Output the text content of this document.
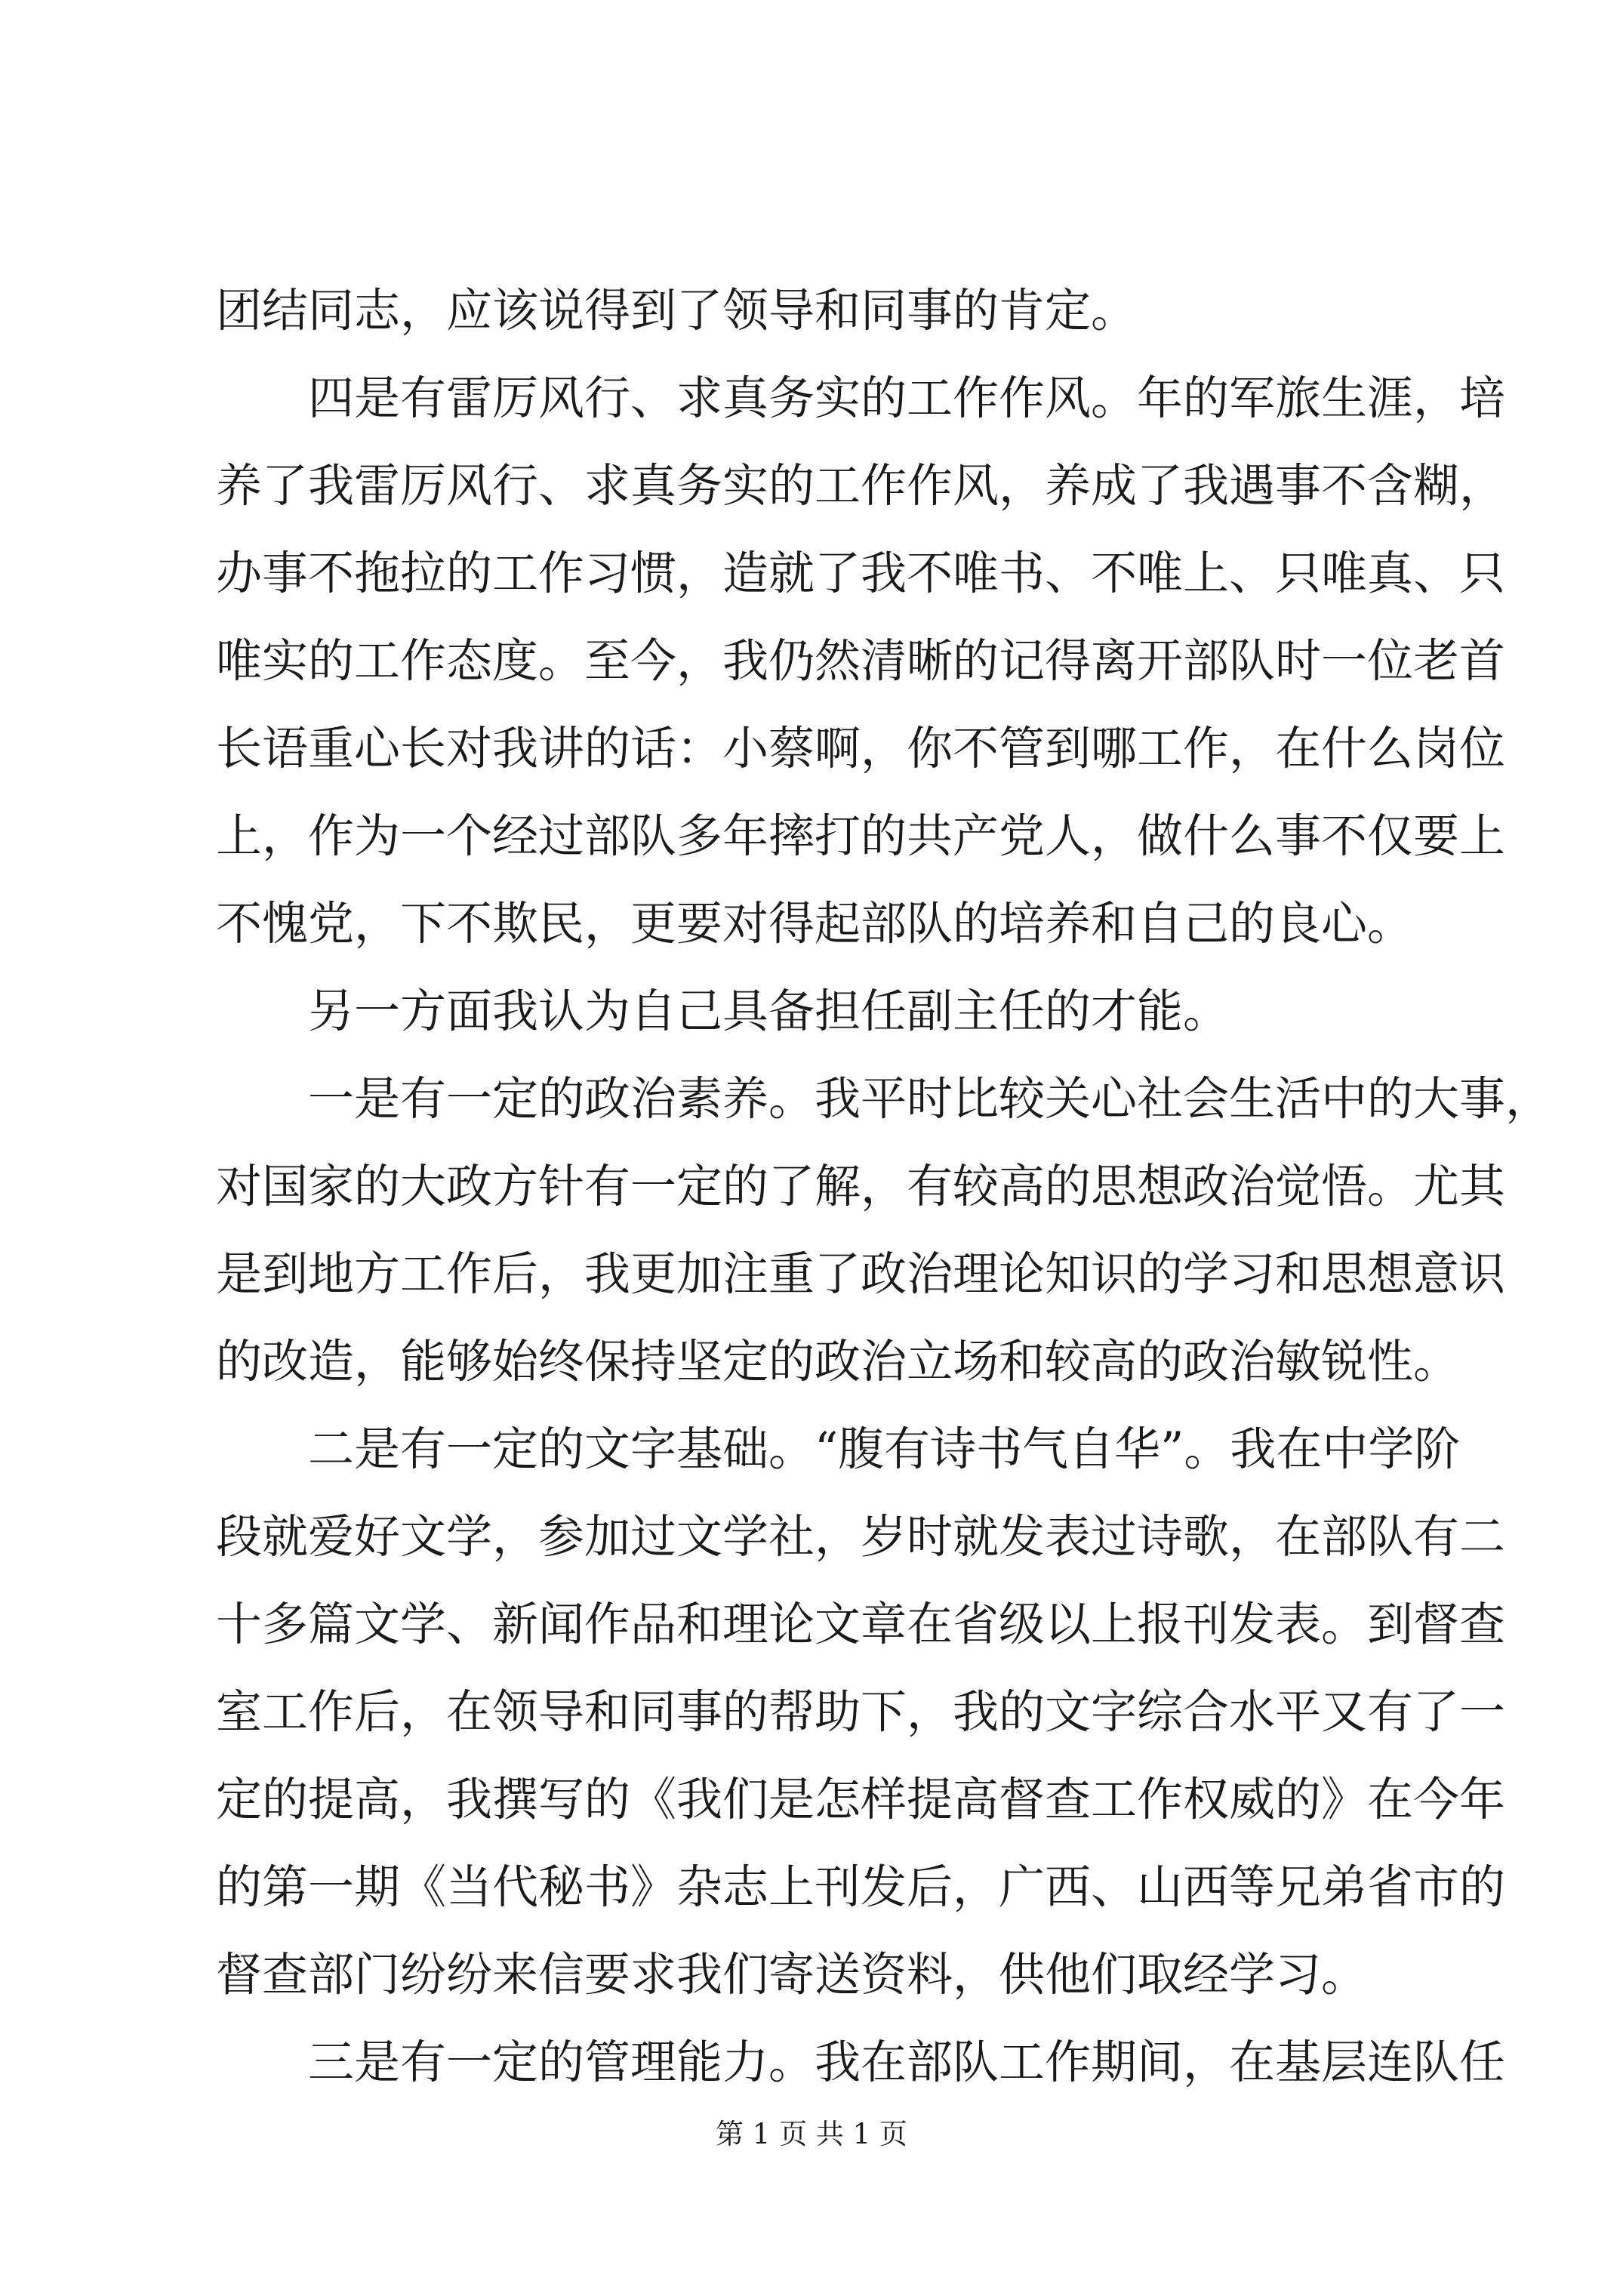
团结同志，应该说得到了领导和同事的肯定。
四是有雷厉风行、求真务实的工作作风。年的军旅生涯，培
养了我雷厉风行、求真务实的工作作风，养成了我遇事不含糊，
办事不拖拉的工作习惯，造就了我不唯书、不唯上、只唯真、只
唯实的工作态度。至今，我仍然清晰的记得离开部队时一位老首
长语重心长对我讲的话：小蔡啊，你不管到哪工作，在什么岗位
上，作为一个经过部队多年摔打的共产党人，做什么事不仅要上
不愧党，下不欺民，更要对得起部队的培养和自己的良心。
另一方面我认为自己具备担任副主任的才能。
一是有一定的政治素养。我平时比较关心社会生活中的大事，
对国家的大政方针有一定的了解，有较高的思想政治觉悟。尤其
是到地方工作后，我更加注重了政治理论知识的学习和思想意识
的改造，能够始终保持坚定的政治立场和较高的政治敏锐性。
二是有一定的文字基础。“腹有诗书气自华”。我在中学阶
段就爱好文学，参加过文学社，岁时就发表过诗歌，在部队有二
十多篇文学、新闻作品和理论文章在省级以上报刊发表。到督查
室工作后，在领导和同事的帮助下，我的文字综合水平又有了一
定的提高，我撰写的《我们是怎样提高督查工作权威的》在今年
的第一期《当代秘书》杂志上刊发后，广西、山西等兄弟省市的
督查部门纷纷来信要求我们寄送资料，供他们取经学习。
三是有一定的管理能力。我在部队工作期间，在基层连队任
第 1 页 共 1 页
